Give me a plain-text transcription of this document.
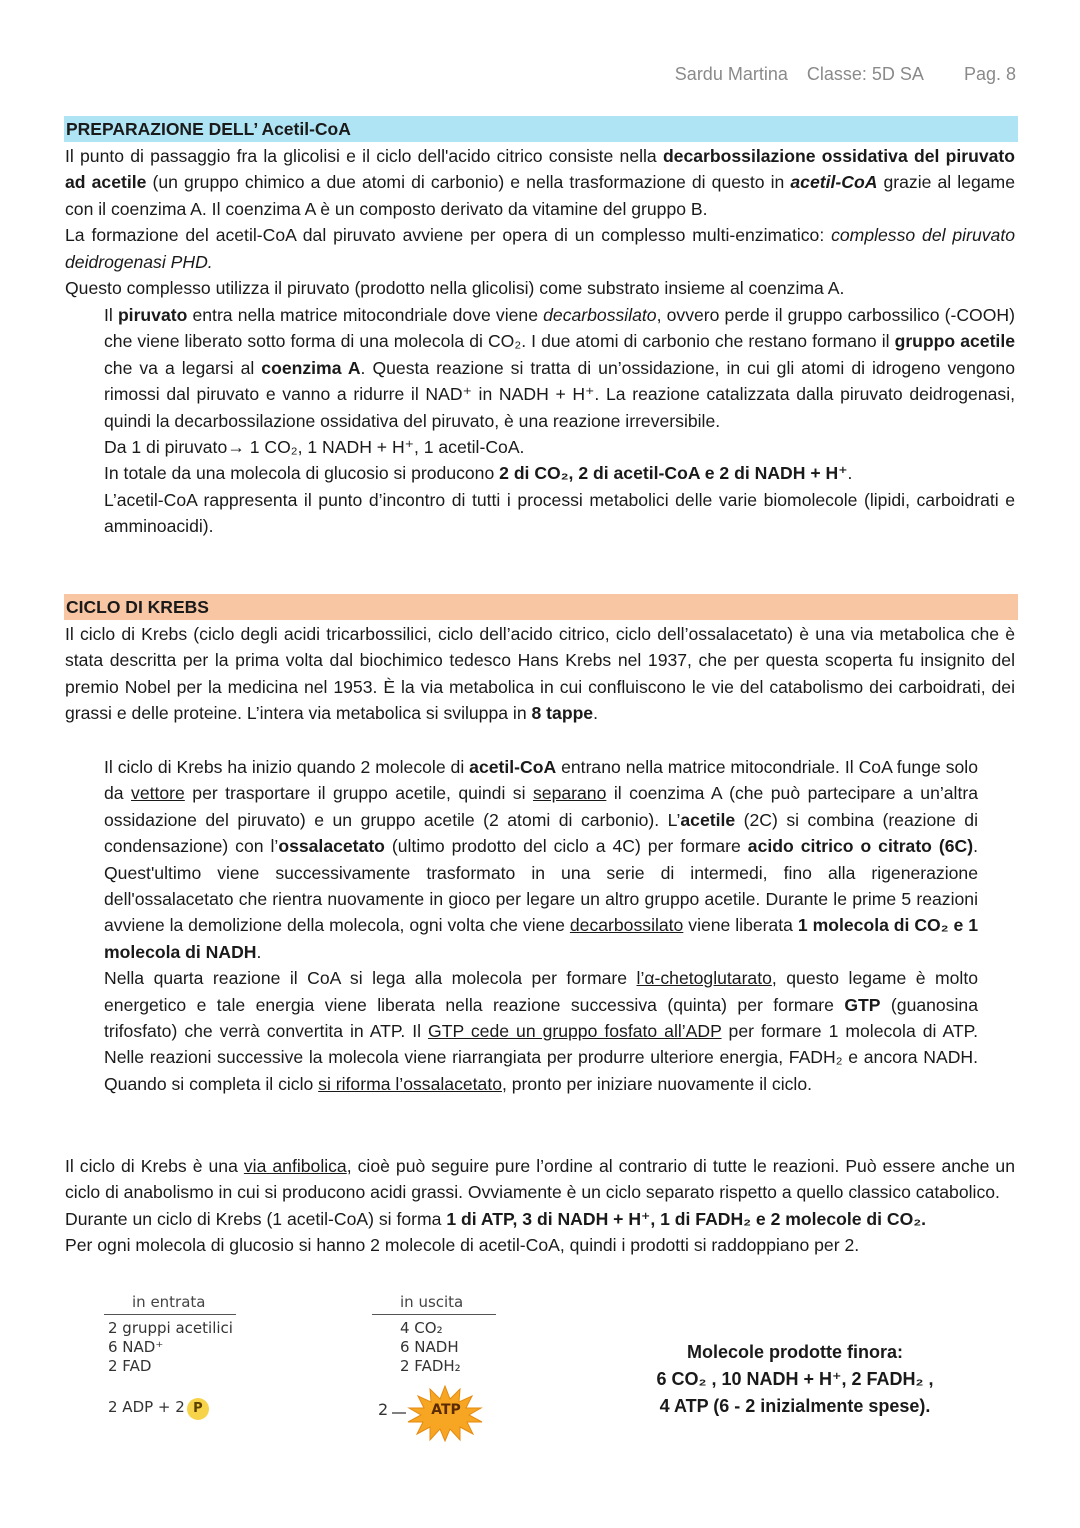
Sardu Martina Classe: 5D SA Pag. 8
PREPARAZIONE DELL’ Acetil-CoA

Il punto di passaggio fra la glicolisi e il ciclo dell'acido citrico consiste nella decarbossilazione ossidativa del piruvato ad acetile (un gruppo chimico a due atomi di carbonio) e nella trasformazione di questo in acetil-CoA grazie al legame con il coenzima A. Il coenzima A è un composto derivato da vitamine del gruppo B.

La formazione del acetil-CoA dal piruvato avviene per opera di un complesso multi-enzimatico: complesso del piruvato deidrogenasi PHD.

Questo complesso utilizza il piruvato (prodotto nella glicolisi) come substrato insieme al coenzima A.

Il piruvato entra nella matrice mitocondriale dove viene decarbossilato, ovvero perde il gruppo carbossilico (-COOH) che viene liberato sotto forma di una molecola di CO₂. I due atomi di carbonio che restano formano il gruppo acetile che va a legarsi al coenzima A. Questa reazione si tratta di un’ossidazione, in cui gli atomi di idrogeno vengono rimossi dal piruvato e vanno a ridurre il NAD⁺ in NADH + H⁺. La reazione catalizzata dalla piruvato deidrogenasi, quindi la decarbossilazione ossidativa del piruvato, è una reazione irreversibile.

Da 1 di piruvato→ 1 CO₂, 1 NADH + H⁺, 1 acetil-CoA.

In totale da una molecola di glucosio si producono 2 di CO₂, 2 di acetil-CoA e 2 di NADH + H⁺.

L’acetil-CoA rappresenta il punto d’incontro di tutti i processi metabolici delle varie biomolecole (lipidi, carboidrati e amminoacidi).

CICLO DI KREBS

Il ciclo di Krebs (ciclo degli acidi tricarbossilici, ciclo dell’acido citrico, ciclo dell’ossalacetato) è una via metabolica che è stata descritta per la prima volta dal biochimico tedesco Hans Krebs nel 1937, che per questa scoperta fu insignito del premio Nobel per la medicina nel 1953. È la via metabolica in cui confluiscono le vie del catabolismo dei carboidrati, dei grassi e delle proteine. L’intera via metabolica si sviluppa in 8 tappe.

Il ciclo di Krebs ha inizio quando 2 molecole di acetil-CoA entrano nella matrice mitocondriale. Il CoA funge solo da vettore per trasportare il gruppo acetile, quindi si separano il coenzima A (che può partecipare a un’altra ossidazione del piruvato) e un gruppo acetile (2 atomi di carbonio). L’acetile (2C) si combina (reazione di condensazione) con l’ossalacetato (ultimo prodotto del ciclo a 4C) per formare acido citrico o citrato (6C). Quest'ultimo viene successivamente trasformato in una serie di intermedi, fino alla rigenerazione dell'ossalacetato che rientra nuovamente in gioco per legare un altro gruppo acetile. Durante le prime 5 reazioni avviene la demolizione della molecola, ogni volta che viene decarbossilato viene liberata 1 molecola di CO₂ e 1 molecola di NADH.

Nella quarta reazione il CoA si lega alla molecola per formare l’α-chetoglutarato, questo legame è molto energetico e tale energia viene liberata nella reazione successiva (quinta) per formare GTP (guanosina trifosfato) che verrà convertita in ATP. Il GTP cede un gruppo fosfato all’ADP per formare 1 molecola di ATP. Nelle reazioni successive la molecola viene riarrangiata per produrre ulteriore energia, FADH₂ e ancora NADH. Quando si completa il ciclo si riforma l’ossalacetato, pronto per iniziare nuovamente il ciclo.

Il ciclo di Krebs è una via anfibolica, cioè può seguire pure l’ordine al contrario di tutte le reazioni. Può essere anche un ciclo di anabolismo in cui si producono acidi grassi. Ovviamente è un ciclo separato rispetto a quello classico catabolico.

Durante un ciclo di Krebs (1 acetil-CoA) si forma 1 di ATP, 3 di NADH + H⁺, 1 di FADH₂ e 2 molecole di CO₂.

Per ogni molecola di glucosio si hanno 2 molecole di acetil-CoA, quindi i prodotti si raddoppiano per 2.

in entrata
2 gruppi acetilici
6 NAD⁺
2 FAD
2 ADP + 2 P
in uscita
4 CO₂
6 NADH
2 FADH₂
2	ATP
Molecole prodotte finora:
6 CO₂ , 10 NADH + H⁺, 2 FADH₂ ,
4 ATP (6 - 2 inizialmente spese).
